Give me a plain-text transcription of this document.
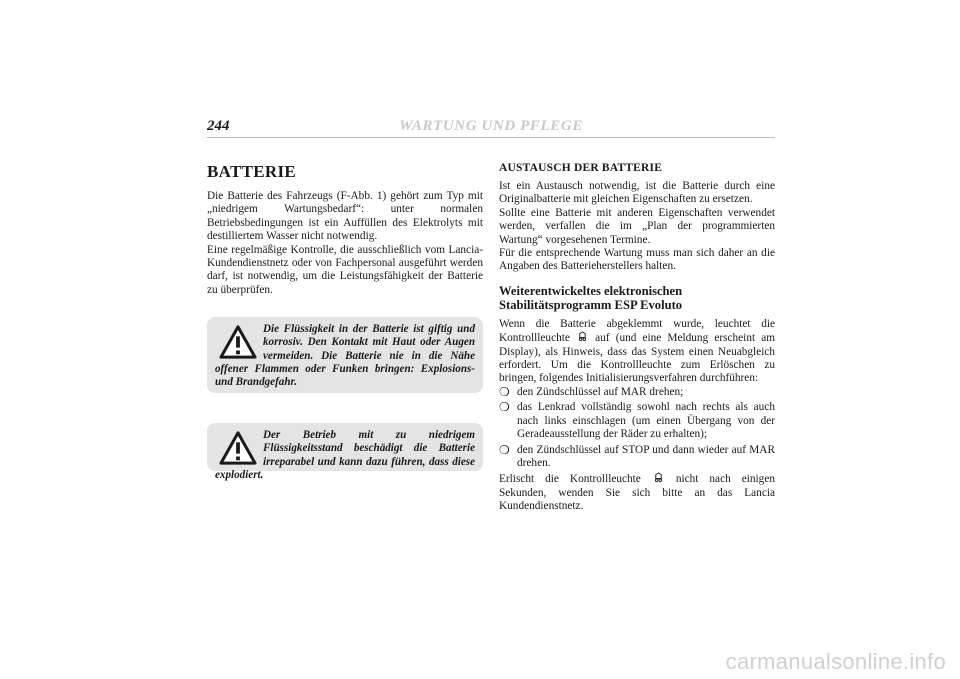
244	WARTUNG UND PFLEGE
BATTERIE

Die Batterie des Fahrzeugs (F-Abb. 1) gehört zum Typ mit „niedrigem Wartungsbedarf“: unter normalen Betriebsbedingungen ist ein Auffüllen des Elektrolyts mit destilliertem Wasser nicht notwendig.

Eine regelmäßige Kontrolle, die ausschließlich vom Lancia-Kundendienstnetz oder von Fachpersonal ausgeführt werden darf, ist notwendig, um die Leistungsfähigkeit der Batterie zu überprüfen.

Die Flüssigkeit in der Batterie ist giftig und korrosiv. Den Kontakt mit Haut oder Augen vermeiden. Die Batterie nie in die Nähe offener Flammen oder Funken bringen: Explosions- und Brandgefahr.
Der Betrieb mit zu niedrigem Flüssigkeitsstand beschädigt die Batterie irreparabel und kann dazu führen, dass diese explodiert.
AUSTAUSCH DER BATTERIE

Ist ein Austausch notwendig, ist die Batterie durch eine Originalbatterie mit gleichen Eigenschaften zu ersetzen.

Sollte eine Batterie mit anderen Eigenschaften verwendet werden, verfallen die im „Plan der programmierten Wartung“ vorgesehenen Termine.

Für die entsprechende Wartung muss man sich daher an die Angaben des Batterieherstellers halten.

Weiterentwickeltes elektronischen Stabilitätsprogramm ESP Evoluto

Wenn die Batterie abgeklemmt wurde, leuchtet die Kontrollleuchte auf (und eine Meldung erscheint am Display), als Hinweis, dass das System einen Neuabgleich erfordert. Um die Kontrollleuchte zum Erlöschen zu bringen, folgendes Initialisierungsverfahren durchführen:

❍ den Zündschlüssel auf MAR drehen;
❍ das Lenkrad vollständig sowohl nach rechts als auch nach links einschlagen (um einen Übergang von der Geradeausstellung der Räder zu erhalten);
❍ den Zündschlüssel auf STOP und dann wieder auf MAR drehen.

Erlischt die Kontrollleuchte	nicht nach einigen Sekunden, wenden Sie sich bitte an das Lancia Kundendienstnetz.

carmanualsonline.info
